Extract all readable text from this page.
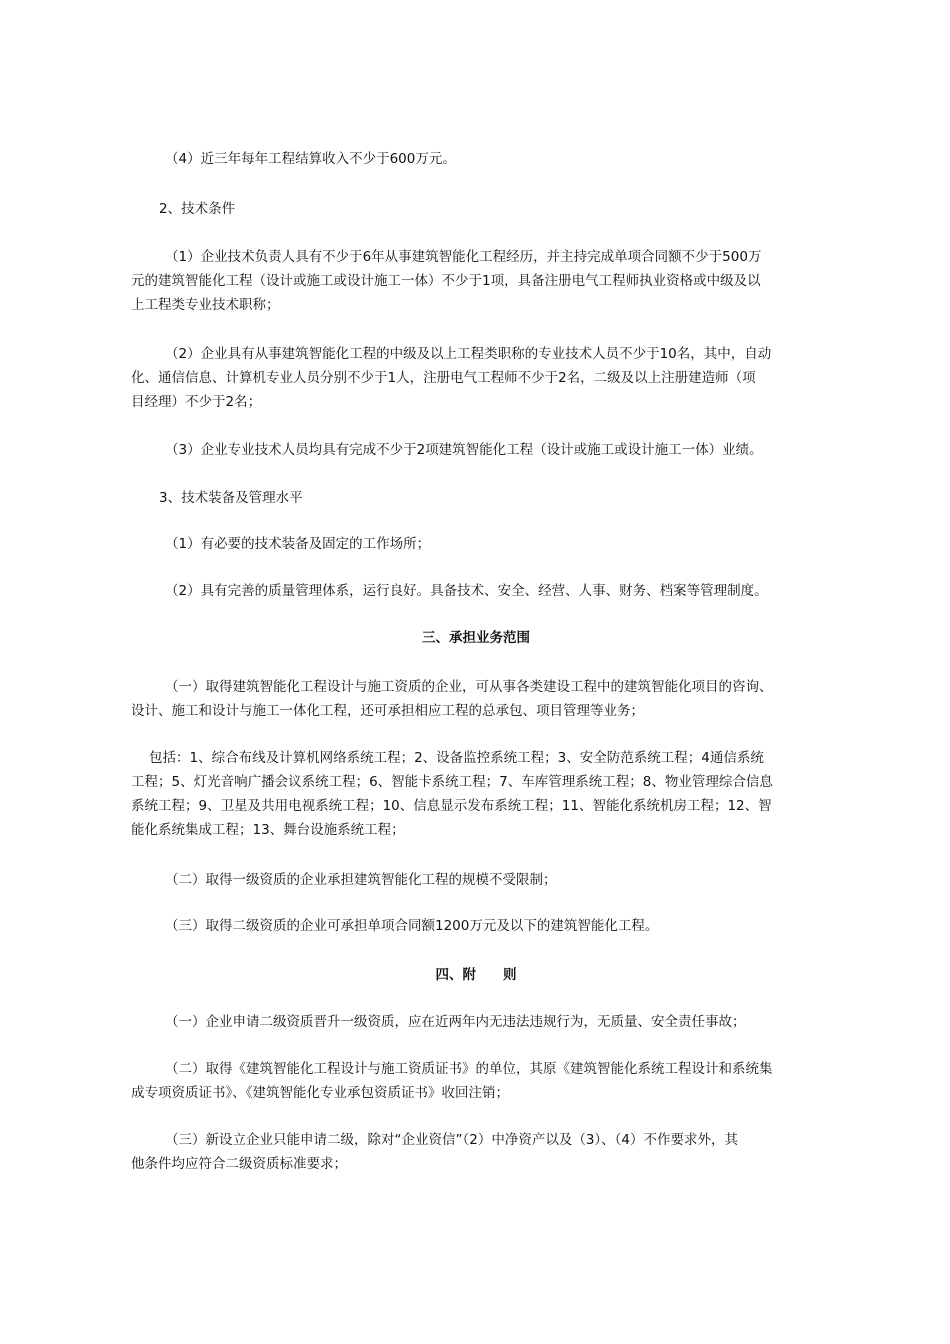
（4）近三年每年工程结算收入不少于600万元。

2、技术条件

（1）企业技术负责人具有不少于6年从事建筑智能化工程经历，并主持完成单项合同额不少于500万
元的建筑智能化工程（设计或施工或设计施工一体）不少于1项，具备注册电气工程师执业资格或中级及以
上工程类专业技术职称；

（2）企业具有从事建筑智能化工程的中级及以上工程类职称的专业技术人员不少于10名，其中，自动
化、通信信息、计算机专业人员分别不少于1人，注册电气工程师不少于2名，二级及以上注册建造师（项
目经理）不少于2名；

（3）企业专业技术人员均具有完成不少于2项建筑智能化工程（设计或施工或设计施工一体）业绩。

3、技术装备及管理水平

（1）有必要的技术装备及固定的工作场所；

（2）具有完善的质量管理体系，运行良好。具备技术、安全、经营、人事、财务、档案等管理制度。

三、承担业务范围

（一）取得建筑智能化工程设计与施工资质的企业，可从事各类建设工程中的建筑智能化项目的咨询、
设计、施工和设计与施工一体化工程，还可承担相应工程的总承包、项目管理等业务；

包括：1、综合布线及计算机网络系统工程；2、设备监控系统工程；3、安全防范系统工程；4通信系统
工程；5、灯光音响广播会议系统工程；6、智能卡系统工程；7、车库管理系统工程；8、物业管理综合信息
系统工程；9、卫星及共用电视系统工程；10、信息显示发布系统工程；11、智能化系统机房工程；12、智
能化系统集成工程；13、舞台设施系统工程；

（二）取得一级资质的企业承担建筑智能化工程的规模不受限制；

（三）取得二级资质的企业可承担单项合同额1200万元及以下的建筑智能化工程。

四、附　　则

（一）企业申请二级资质晋升一级资质，应在近两年内无违法违规行为，无质量、安全责任事故；

（二）取得《建筑智能化工程设计与施工资质证书》的单位，其原《建筑智能化系统工程设计和系统集
成专项资质证书》、《建筑智能化专业承包资质证书》收回注销；

（三）新设立企业只能申请二级，除对“企业资信”（2）中净资产以及（3）、（4）不作要求外，其
他条件均应符合二级资质标准要求；
